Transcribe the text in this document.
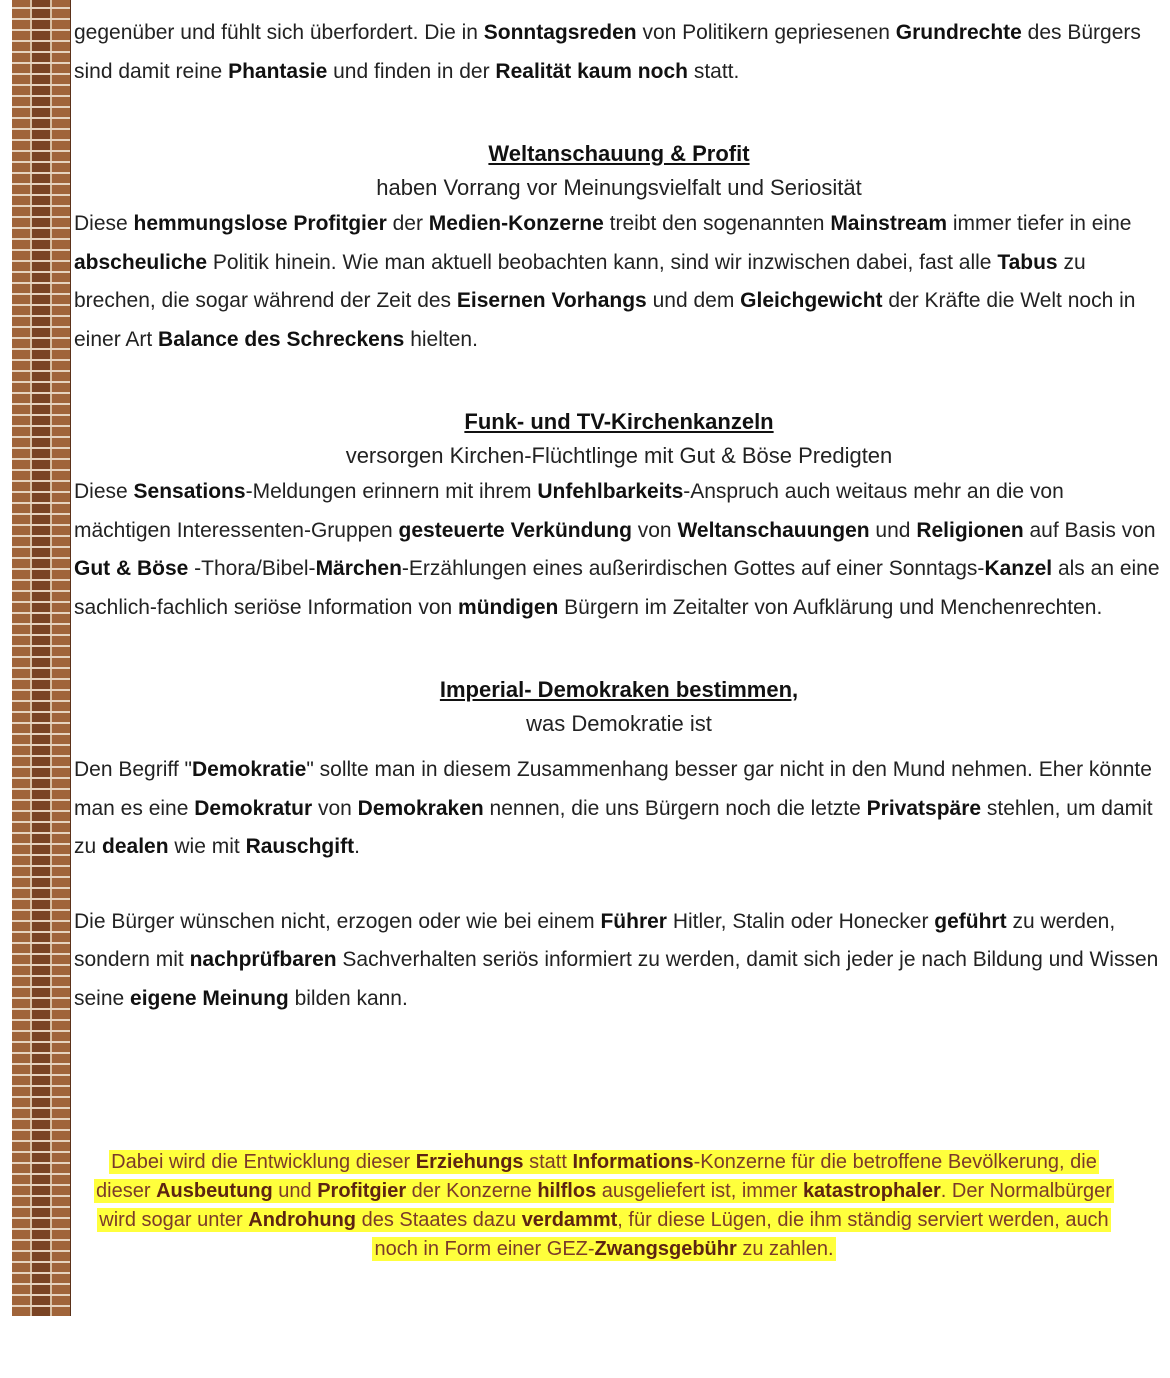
gegenüber und fühlt sich überfordert. Die in Sonntagsreden von Politikern gepriesenen Grundrechte des Bürgers sind damit reine Phantasie und finden in der Realität kaum noch statt.

Weltanschauung & Profit

haben Vorrang vor Meinungsvielfalt und Seriosität

Diese hemmungslose Profitgier der Medien-Konzerne treibt den sogenannten Mainstream immer tiefer in eine abscheuliche Politik hinein. Wie man aktuell beobachten kann, sind wir inzwischen dabei, fast alle Tabus zu brechen, die sogar während der Zeit des Eisernen Vorhangs und dem Gleichgewicht der Kräfte die Welt noch in einer Art Balance des Schreckens hielten.

Funk- und TV-Kirchenkanzeln

versorgen Kirchen-Flüchtlinge mit Gut & Böse Predigten

Diese Sensations-Meldungen erinnern mit ihrem Unfehlbarkeits-Anspruch auch weitaus mehr an die von mächtigen Interessenten-Gruppen gesteuerte Verkündung von Weltanschauungen und Religionen auf Basis von Gut & Böse -Thora/Bibel-Märchen-Erzählungen eines außerirdischen Gottes auf einer Sonntags-Kanzel als an eine sachlich-fachlich seriöse Information von mündigen Bürgern im Zeitalter von Aufklärung und Menchenrechten.

Imperial- Demokraken bestimmen,

was Demokratie ist

Den Begriff "Demokratie" sollte man in diesem Zusammenhang besser gar nicht in den Mund nehmen. Eher könnte man es eine Demokratur von Demokraken nennen, die uns Bürgern noch die letzte Privatspäre stehlen, um damit zu dealen wie mit Rauschgift.

Die Bürger wünschen nicht, erzogen oder wie bei einem Führer Hitler, Stalin oder Honecker geführt zu werden, sondern mit nachprüfbaren Sachverhalten seriös informiert zu werden, damit sich jeder je nach Bildung und Wissen seine eigene Meinung bilden kann.

Dabei wird die Entwicklung dieser Erziehungs statt Informations-Konzerne für die betroffene Bevölkerung, die dieser Ausbeutung und Profitgier der Konzerne hilflos ausgeliefert ist, immer katastrophaler. Der Normalbürger wird sogar unter Androhung des Staates dazu verdammt, für diese Lügen, die ihm ständig serviert werden, auch noch in Form einer GEZ-Zwangsgebühr zu zahlen.
